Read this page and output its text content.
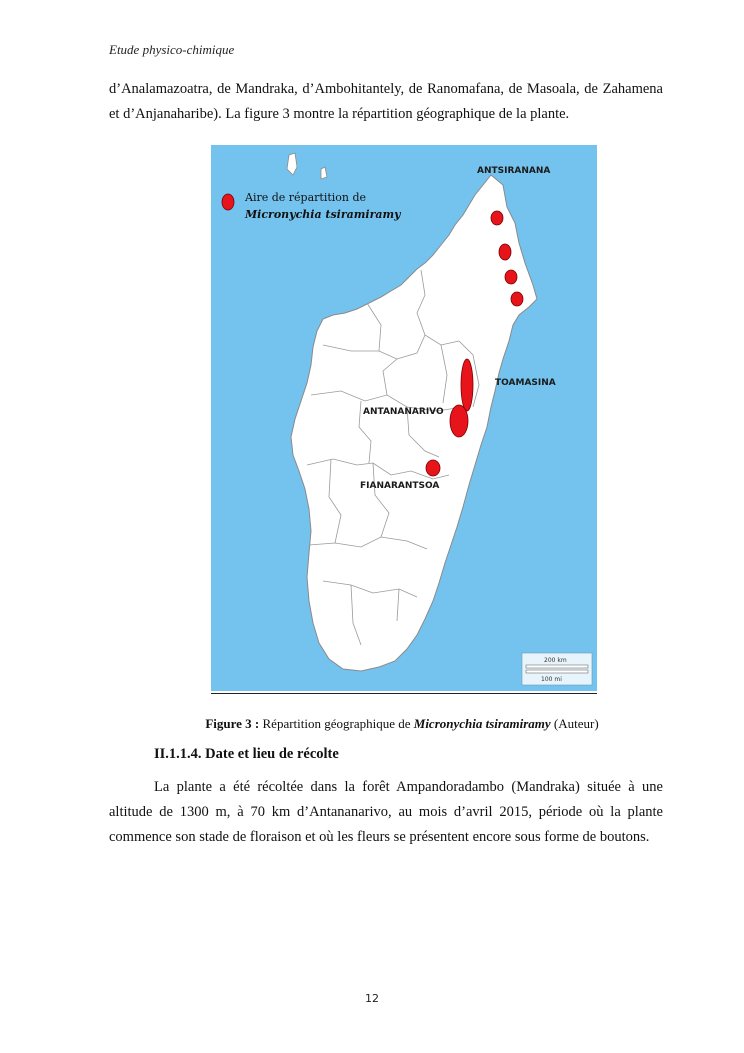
Etude physico-chimique
d’Analamazoatra, de Mandraka, d’Ambohitantely, de Ranomafana, de Masoala, de Zahamena et d’Anjanaharibe). La figure 3 montre la répartition géographique de la plante.
ANTSIRANANA
TOAMASINA
ANTANANARIVO
FIANARANTSOA
Aire de répartition de
Micronychia tsiramiramy
200 km
100 mi
Figure 3 : Répartition géographique de Micronychia tsiramiramy (Auteur)
II.1.1.4. Date et lieu de récolte
La plante a été récoltée dans la forêt Ampandoradambo (Mandraka) située à une altitude de 1300 m, à 70 km d’Antananarivo, au mois d’avril 2015, période où la plante commence son stade de floraison et où les fleurs se présentent encore sous forme de boutons.
12
